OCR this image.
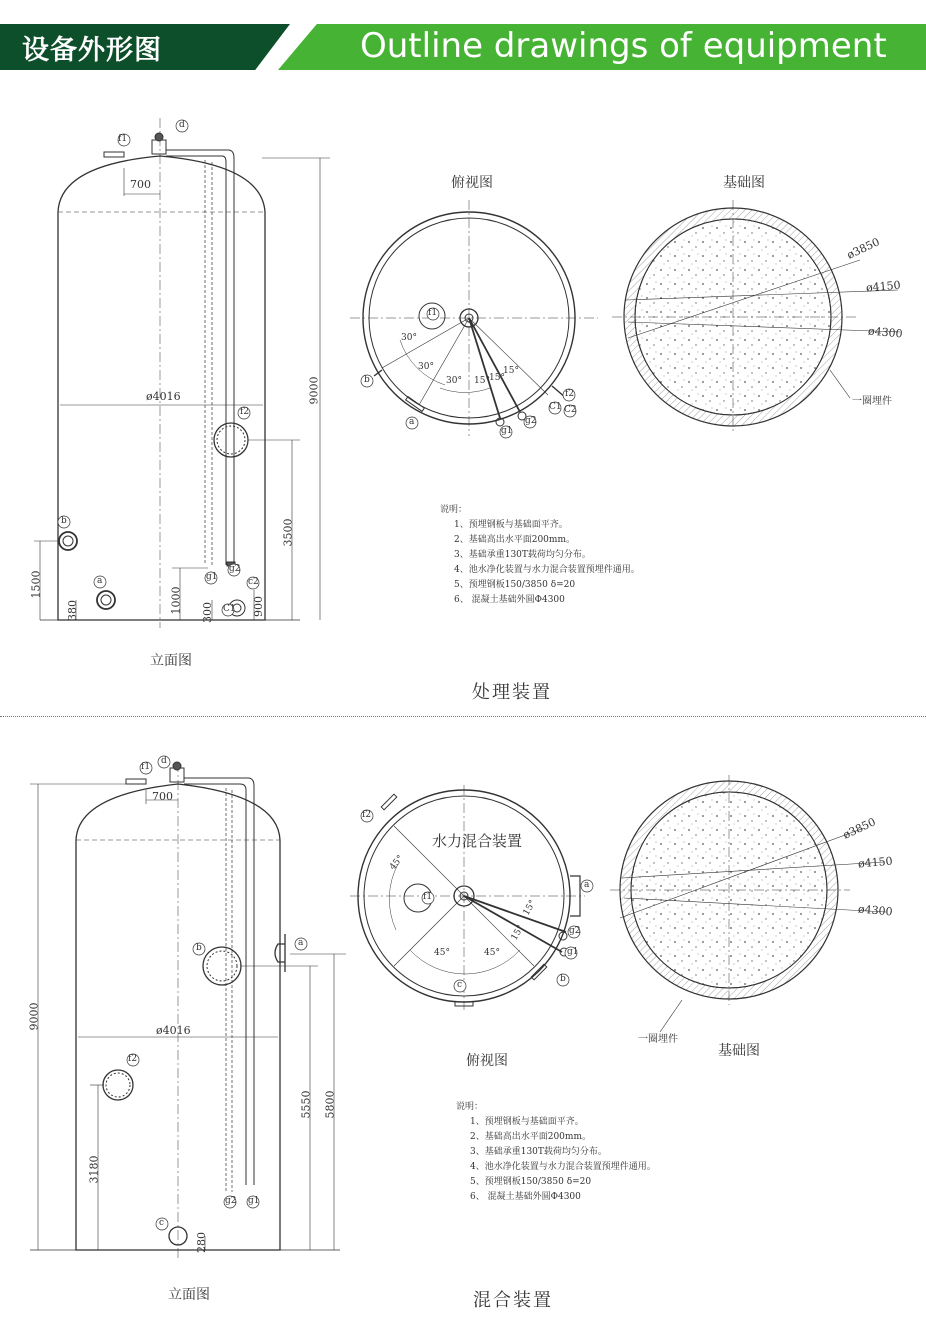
设备外形图	Outline drawings of equipment
f1
d
700
ø4016	9000
3500
1500
380	1000 300	900
f2
b
a	g1
g2
c2
C1
立面图
俯视图
f1
30°
30°
30° 15° 15°
15°
b
a
g1
g2
f2
C1 C2
基础图
ø3850
ø4150
ø4300
一圈埋件
说明：
1、预埋钢板与基础面平齐。
2、基础高出水平面200mm。
3、基础承重130T载荷均匀分布。
4、池水净化装置与水力混合装置预埋件通用。
5、预埋钢板150/3850 δ=20
6、 混凝土基础外圆Φ4300
处理装置
f1
d
700
ø4016
9000
5550 5800
3180
280
b	a
f2
c
g2 g1
立面图
水力混合装置
f2
a
f1
45°
45°	45°
15°
15°
g1
g2
b
c
俯视图
ø3850
ø4150
ø4300
一圈埋件
基础图
说明：
1、预埋钢板与基础面平齐。
2、基础高出水平面200mm。
3、基础承重130T载荷均匀分布。
4、池水净化装置与水力混合装置预埋件通用。
5、预埋钢板150/3850 δ=20
6、 混凝土基础外圆Φ4300
混合装置
